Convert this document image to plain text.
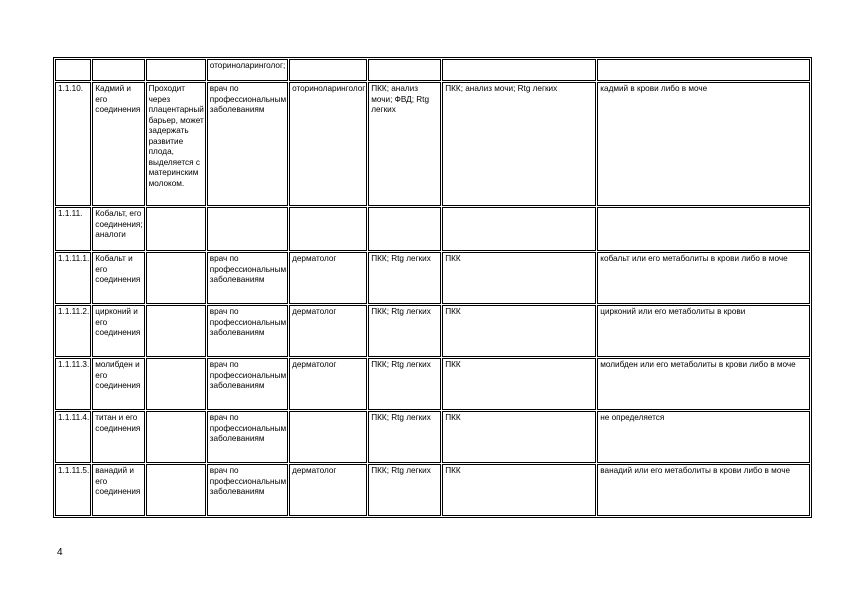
			оториноларинголог;				
1.1.10.	Кадмий и его соединения	Проходит через плацентарный барьер, может задержать развитие плода, выделяется с материнским молоком.	врач по профессиональным заболеваниям	оториноларинголог	ПКК; анализ мочи; ФВД; Rtg легких	ПКК; анализ мочи; Rtg легких	кадмий в крови либо в моче
1.1.11.	Кобальт, его соединения; аналоги						
1.1.11.1.	Кобальт и его соединения		врач по профессиональным заболеваниям	дерматолог	ПКК; Rtg легких	ПКК	кобальт или его метаболиты в крови либо в моче
1.1.11.2.	цирконий и его соединения		врач по профессиональным заболеваниям	дерматолог	ПКК; Rtg легких	ПКК	цирконий или его метаболиты в крови
1.1.11.3.	молибден и его соединения		врач по профессиональным заболеваниям	дерматолог	ПКК; Rtg легких	ПКК	молибден или его метаболиты в крови либо в моче
1.1.11.4.	титан и его соединения		врач по профессиональным заболеваниям		ПКК; Rtg легких	ПКК	не определяется
1.1.11.5.	ванадий и его соединения		врач по профессиональным заболеваниям	дерматолог	ПКК; Rtg легких	ПКК	ванадий или его метаболиты в крови либо в моче
4
